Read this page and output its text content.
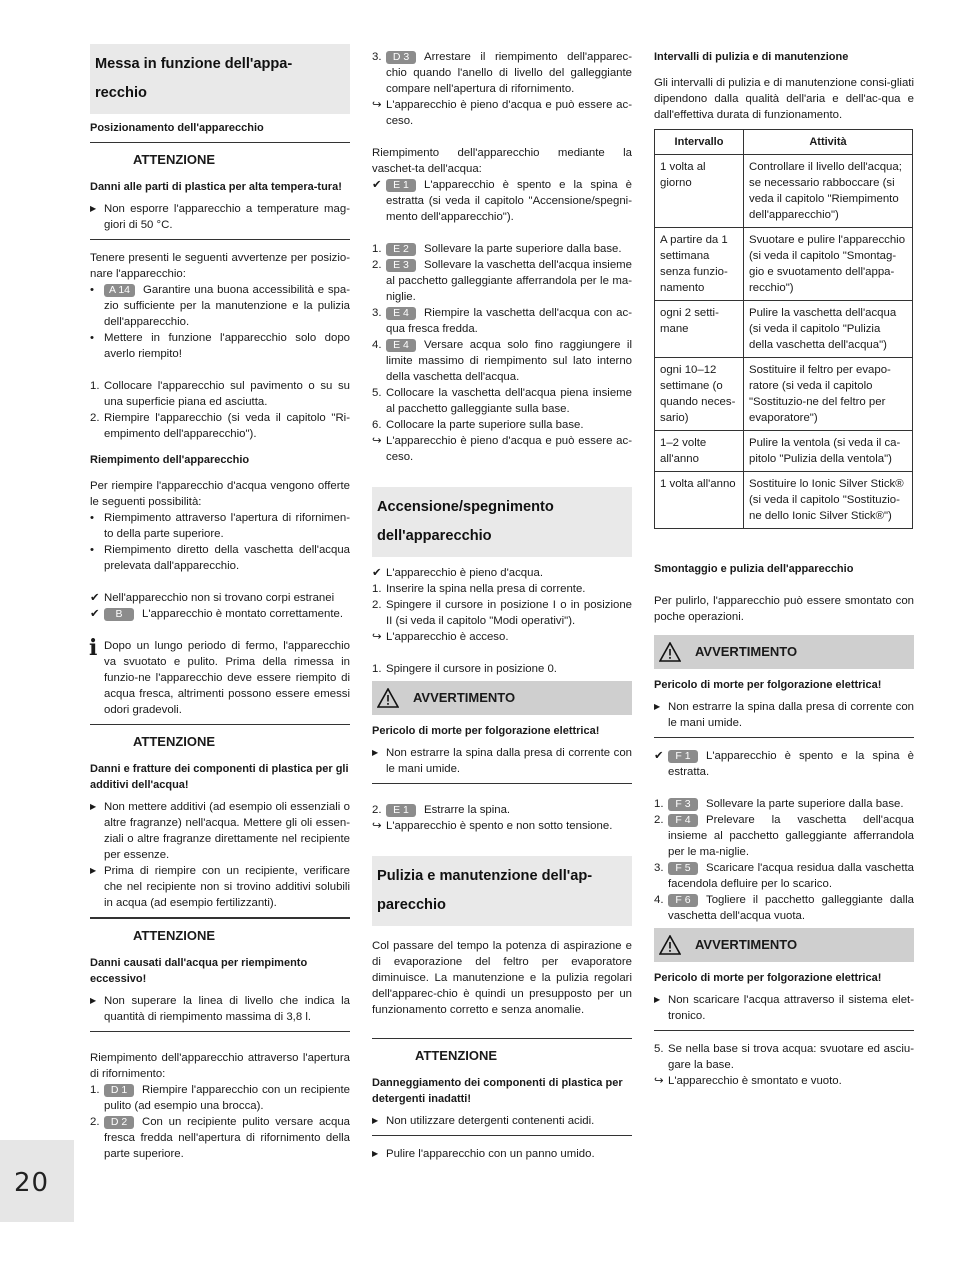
Messa in funzione dell'appa-recchio
Posizionamento dell'apparecchio
ATTENZIONE
Danni alle parti di plastica per alta tempera-tura!
▶ Non esporre l'apparecchio a temperature mag-giori di 50 °C.

Tenere presenti le seguenti avvertenze per posizio-nare l'apparecchio:

• A 14 Garantire una buona accessibilità e spa-zio sufficiente per la manutenzione e la pulizia dell'apparecchio.
• Mettere in funzione l'apparecchio solo dopo averlo riempito!
1. Collocare l'apparecchio sul pavimento o su su una superficie piana ed asciutta.
2. Riempire l'apparecchio (si veda il capitolo "Ri-empimento dell'apparecchio").
Riempimento dell'apparecchio

Per riempire l'apparecchio d'acqua vengono offerte le seguenti possibilità:

• Riempimento attraverso l'apertura di rifornimen-to della parte superiore.
• Riempimento diretto della vaschetta dell'acqua prelevata dall'apparecchio.
✔ Nell'apparecchio non si trovano corpi estranei
✔ B L'apparecchio è montato correttamente.
i Dopo un lungo periodo di fermo, l'apparecchio va svuotato e pulito. Prima della rimessa in funzio-ne l'apparecchio deve essere riempito di acqua fresca, altrimenti possono essere emessi odori gradevoli.
ATTENZIONE
Danni e fratture dei componenti di plastica per gli additivi dell'acqua!
▶ Non mettere additivi (ad esempio oli essenziali o altre fragranze) nell'acqua. Mettere gli oli essen-ziali o altre fragranze direttamente nel recipiente per essenze.
▶ Prima di riempire con un recipiente, verificare che nel recipiente non si trovino additivi solubili in acqua (ad esempio fertilizzanti).
ATTENZIONE
Danni causati dall'acqua per riempimento eccessivo!
▶ Non superare la linea di livello che indica la quantità di riempimento massima di 3,8 l.

Riempimento dell'apparecchio attraverso l'apertura di rifornimento:

1. D 1 Riempire l'apparecchio con un recipiente pulito (ad esempio una brocca).
2. D 2 Con un recipiente pulito versare acqua fresca fredda nell'apertura di rifornimento della parte superiore.
3. D 3 Arrestare il riempimento dell'apparec-chio quando l'anello di livello del galleggiante compare nell'apertura di rifornimento.
↪ L'apparecchio è pieno d'acqua e può essere ac-ceso.

Riempimento dell'apparecchio mediante la vaschet-ta dell'acqua:

✔ E 1 L'apparecchio è spento e la spina è estratta (si veda il capitolo "Accensione/spegni-mento dell'apparecchio").
1. E 2 Sollevare la parte superiore dalla base.
2. E 3 Sollevare la vaschetta dell'acqua insieme al pacchetto galleggiante afferrandola per le ma-niglie.
3. E 4 Riempire la vaschetta dell'acqua con ac-qua fresca fredda.
4. E 4 Versare acqua solo fino raggiungere il limite massimo di riempimento sul lato interno della vaschetta dell'acqua.
5. Collocare la vaschetta dell'acqua piena insieme al pacchetto galleggiante sulla base.
6. Collocare la parte superiore sulla base.
↪ L'apparecchio è pieno d'acqua e può essere ac-ceso.
Accensione/spegnimento dell'apparecchio
✔ L'apparecchio è pieno d'acqua.
1. Inserire la spina nella presa di corrente.
2. Spingere il cursore in posizione I o in posizione II (si veda il capitolo "Modi operativi").
↪ L'apparecchio è acceso.
1. Spingere il cursore in posizione 0.
AVVERTIMENTO
Pericolo di morte per folgorazione elettrica!
▶ Non estrarre la spina dalla presa di corrente con le mani umide.
2. E 1 Estrarre la spina.
↪ L'apparecchio è spento e non sotto tensione.
Pulizia e manutenzione dell'ap-parecchio

Col passare del tempo la potenza di aspirazione e di evaporazione del feltro per evaporatore diminuisce. La manutenzione e la pulizia regolari dell'apparec-chio è quindi un presupposto per un funzionamento corretto e senza anomalie.

ATTENZIONE
Danneggiamento dei componenti di plastica per detergenti inadatti!
▶ Non utilizzare detergenti contenenti acidi.
▶ Pulire l'apparecchio con un panno umido.
Intervalli di pulizia e di manutenzione

Gli intervalli di pulizia e di manutenzione consi-gliati dipendono dalla qualità dell'aria e dell'ac-qua e dall'effettiva durata di funzionamento.

Intervallo	Attività
1 volta al giorno	Controllare il livello dell'acqua; se necessario rabboccare (si veda il capitolo "Riempimento dell'apparecchio")
A partire da 1 settimana senza funzio-namento	Svuotare e pulire l'apparecchio (si veda il capitolo "Smontag-gio e svuotamento dell'appa-recchio")
ogni 2 setti-mane	Pulire la vaschetta dell'acqua (si veda il capitolo "Pulizia della vaschetta dell'acqua")
ogni 10–12 settimane (o quando neces-sario)	Sostituire il feltro per evapo-ratore (si veda il capitolo "Sostituzio-ne del feltro per evaporatore")
1–2 volte all'anno	Pulire la ventola (si veda il ca-pitolo "Pulizia della ventola")
1 volta all'anno	Sostituire lo Ionic Silver Stick® (si veda il capitolo "Sostituzio-ne dello Ionic Silver Stick®")
Smontaggio e pulizia dell'apparecchio

Per pulirlo, l'apparecchio può essere smontato con poche operazioni.

AVVERTIMENTO
Pericolo di morte per folgorazione elettrica!
▶ Non estrarre la spina dalla presa di corrente con le mani umide.
✔ F 1 L'apparecchio è spento e la spina è estratta.
1. F 3 Sollevare la parte superiore dalla base.
2. F 4 Prelevare la vaschetta dell'acqua insieme al pacchetto galleggiante afferrandola per le ma-niglie.
3. F 5 Scaricare l'acqua residua dalla vaschetta facendola defluire per lo scarico.
4. F 6 Togliere il pacchetto galleggiante dalla vaschetta dell'acqua vuota.
AVVERTIMENTO
Pericolo di morte per folgorazione elettrica!
▶ Non scaricare l'acqua attraverso il sistema elet-tronico.
5. Se nella base si trova acqua: svuotare ed asciu-gare la base.
↪ L'apparecchio è smontato e vuoto.
20
